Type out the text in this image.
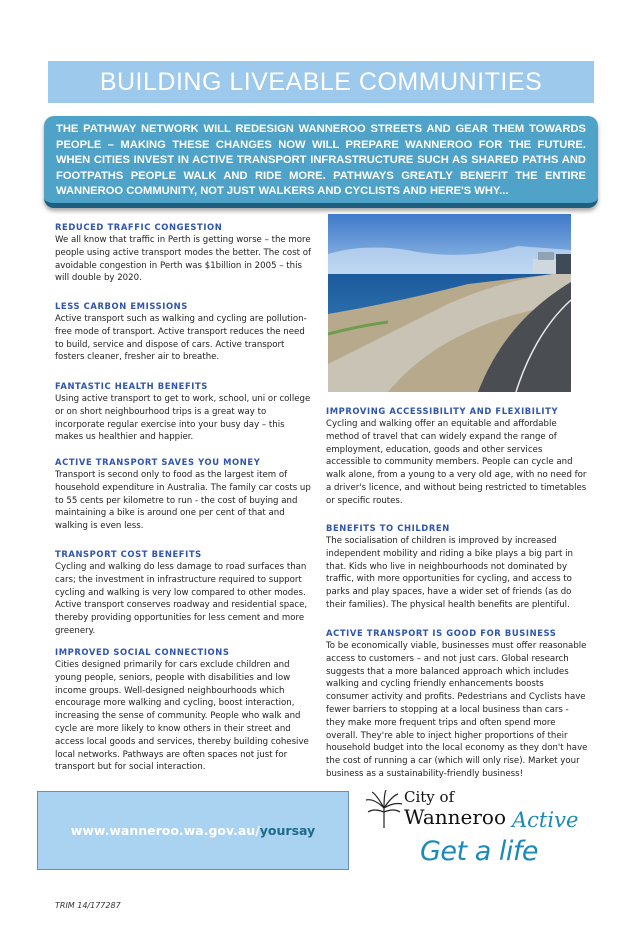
BUILDING LIVEABLE COMMUNITIES

THE PATHWAY NETWORK WILL REDESIGN WANNEROO STREETS AND GEAR THEM TOWARDS PEOPLE – MAKING THESE CHANGES NOW WILL PREPARE WANNEROO FOR THE FUTURE. WHEN CITIES INVEST IN ACTIVE TRANSPORT INFRASTRUCTURE SUCH AS SHARED PATHS AND FOOTPATHS PEOPLE WALK AND RIDE MORE. PATHWAYS GREATLY BENEFIT THE ENTIRE WANNEROO COMMUNITY, NOT JUST WALKERS AND CYCLISTS AND HERE'S WHY...

REDUCED TRAFFIC CONGESTION

We all know that traffic in Perth is getting worse – the more people using active transport modes the better. The cost of avoidable congestion in Perth was $1billion in 2005 – this will double by 2020.

LESS CARBON EMISSIONS

Active transport such as walking and cycling are pollution-free mode of transport. Active transport reduces the need to build, service and dispose of cars. Active transport fosters cleaner, fresher air to breathe.

FANTASTIC HEALTH BENEFITS

Using active transport to get to work, school, uni or college or on short neighbourhood trips is a great way to incorporate regular exercise into your busy day – this makes us healthier and happier.

ACTIVE TRANSPORT SAVES YOU MONEY

Transport is second only to food as the largest item of household expenditure in Australia. The family car costs up to 55 cents per kilometre to run - the cost of buying and maintaining a bike is around one per cent of that and walking is even less.

TRANSPORT COST BENEFITS

Cycling and walking do less damage to road surfaces than cars; the investment in infrastructure required to support cycling and walking is very low compared to other modes. Active transport conserves roadway and residential space, thereby providing opportunities for less cement and more greenery.

IMPROVED SOCIAL CONNECTIONS

Cities designed primarily for cars exclude children and young people, seniors, people with disabilities and low income groups. Well-designed neighbourhoods which encourage more walking and cycling, boost interaction, increasing the sense of community. People who walk and cycle are more likely to know others in their street and access local goods and services, thereby building cohesive local networks. Pathways are often spaces not just for transport but for social interaction.

IMPROVING ACCESSIBILITY AND FLEXIBILITY

Cycling and walking offer an equitable and affordable method of travel that can widely expand the range of employment, education, goods and other services accessible to community members. People can cycle and walk alone, from a young to a very old age, with no need for a driver's licence, and without being restricted to timetables or specific routes.

BENEFITS TO CHILDREN

The socialisation of children is improved by increased independent mobility and riding a bike plays a big part in that. Kids who live in neighbourhoods not dominated by traffic, with more opportunities for cycling, and access to parks and play spaces, have a wider set of friends (as do their families). The physical health benefits are plentiful.

ACTIVE TRANSPORT IS GOOD FOR BUSINESS

To be economically viable, businesses must offer reasonable access to customers – and not just cars. Global research suggests that a more balanced approach which includes walking and cycling friendly enhancements boosts consumer activity and profits. Pedestrians and Cyclists have fewer barriers to stopping at a local business than cars - they make more frequent trips and often spend more overall. They're able to inject higher proportions of their household budget into the local economy as they don't have the cost of running a car (which will only rise). Market your business as a sustainability-friendly business!

www.wanneroo.wa.gov.au/yoursay
City of
Wanneroo Active
Get a life
TRIM 14/177287
